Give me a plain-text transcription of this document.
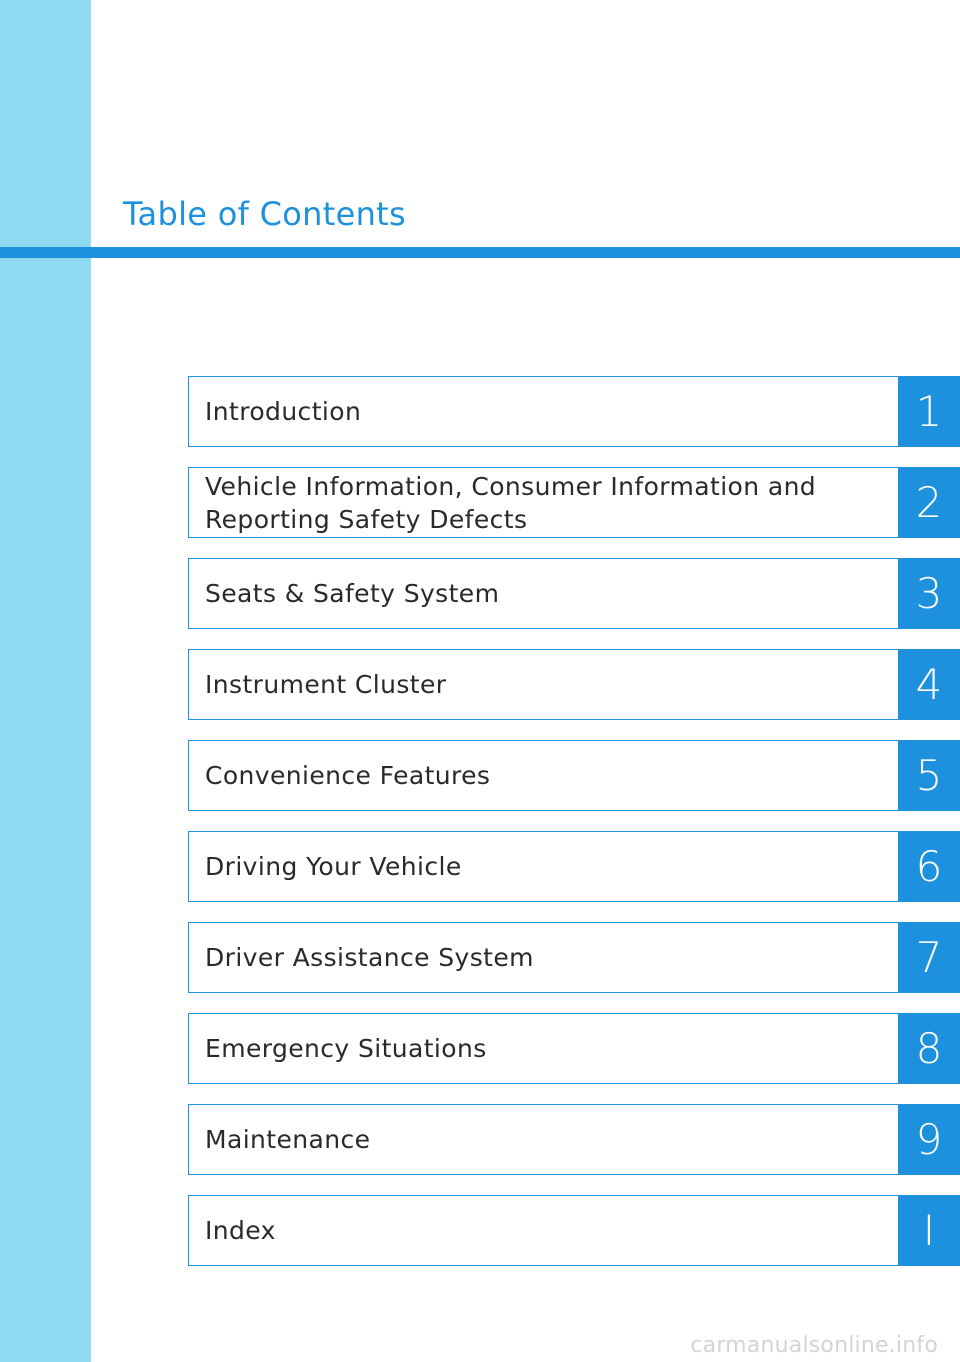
Table of Contents
Introduction	1
Vehicle Information, Consumer Information and
Reporting Safety Defects	2
Seats & Safety System	3
Instrument Cluster	4
Convenience Features	5
Driving Your Vehicle	6
Driver Assistance System	7
Emergency Situations	8
Maintenance	9
Index	I
carmanualsonline.info
